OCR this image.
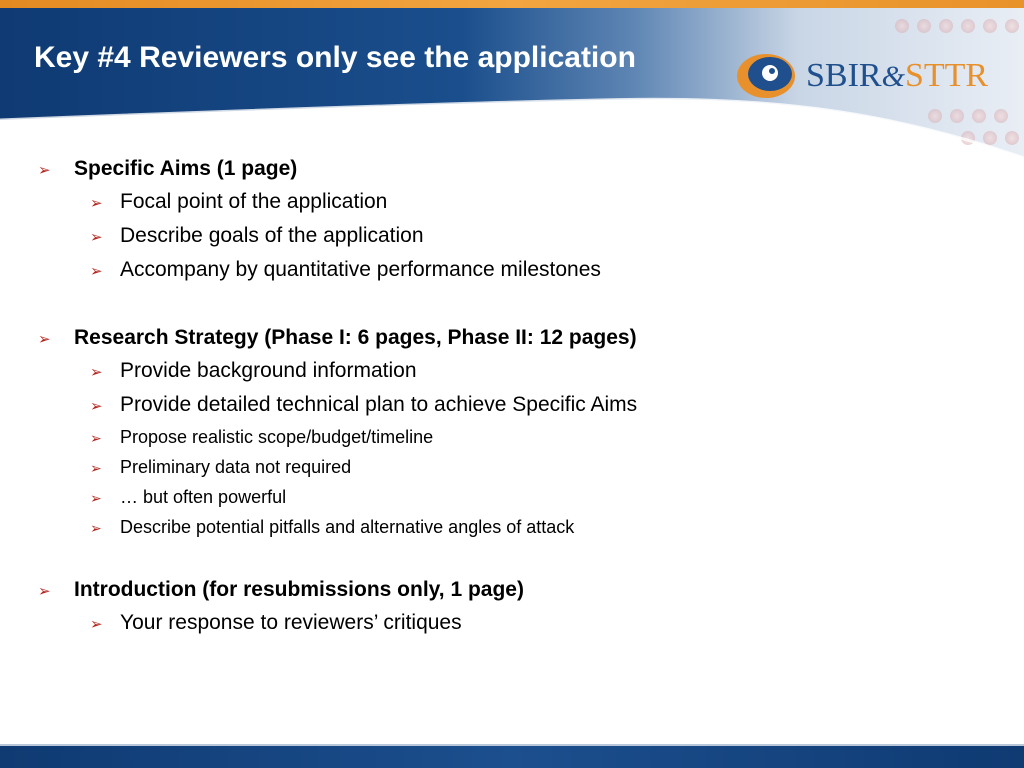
Key #4 Reviewers only see the application	SBIR&STTR
➢ Specific Aims (1 page)
➢ Focal point of the application
➢ Describe goals of the application
➢ Accompany by quantitative performance milestones
➢ Research Strategy (Phase I: 6 pages, Phase II: 12 pages)
➢ Provide background information
➢ Provide detailed technical plan to achieve Specific Aims
➢ Propose realistic scope/budget/timeline
➢ Preliminary data not required
➢ … but often powerful
➢ Describe potential pitfalls and alternative angles of attack
➢ Introduction (for resubmissions only, 1 page)
➢ Your response to reviewers’ critiques
